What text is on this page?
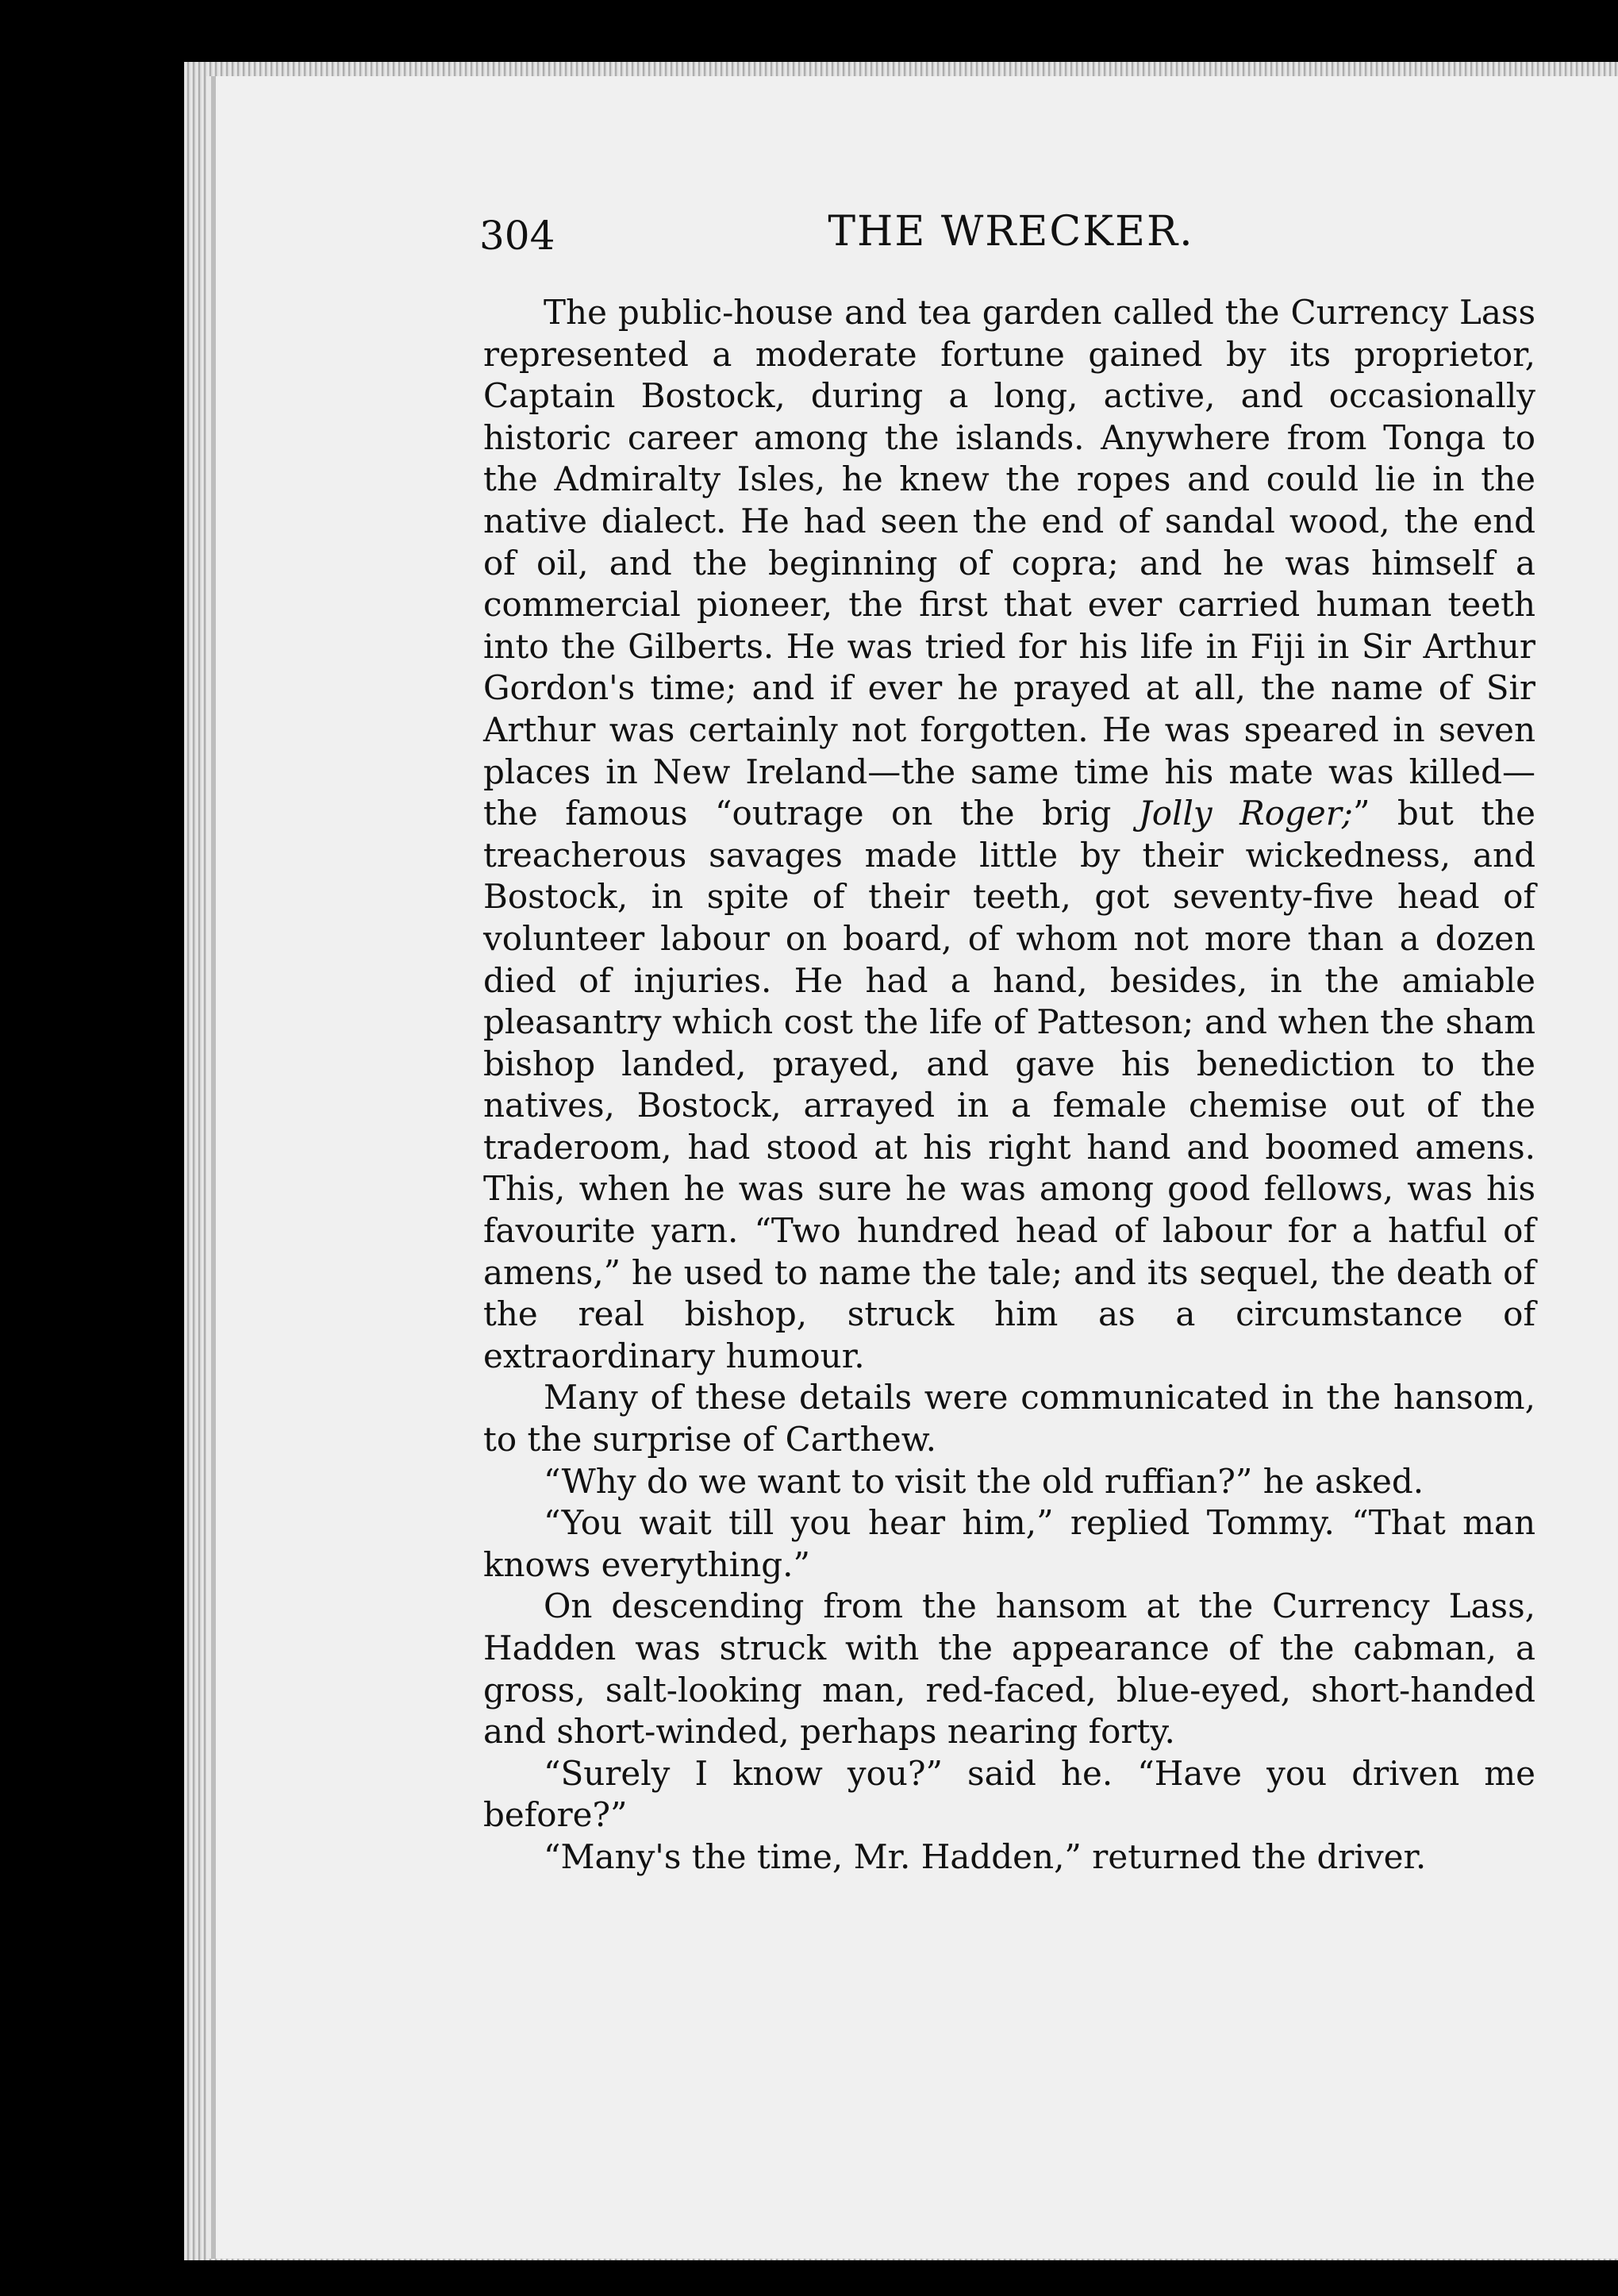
304	THE WRECKER.

The public-house and tea garden called the Currency Lass represented a moderate fortune gained by its proprietor, Captain Bostock, during a long, active, and occasionally historic career among the islands. Anywhere from Tonga to the Admiralty Isles, he knew the ropes and could lie in the native dialect. He had seen the end of sandal wood, the end of oil, and the beginning of copra; and he was himself a commercial pioneer, the first that ever carried human teeth into the Gilberts. He was tried for his life in Fiji in Sir Arthur Gordon's time; and if ever he prayed at all, the name of Sir Arthur was certainly not forgotten. He was speared in seven places in New Ireland—the same time his mate was killed—the famous “outrage on the brig Jolly Roger;” but the treacherous savages made little by their wickedness, and Bostock, in spite of their teeth, got seventy-five head of volunteer labour on board, of whom not more than a dozen died of injuries. He had a hand, besides, in the amiable pleasantry which cost the life of Patteson; and when the sham bishop landed, prayed, and gave his benediction to the natives, Bostock, arrayed in a female chemise out of the traderoom, had stood at his right hand and boomed amens. This, when he was sure he was among good fellows, was his favourite yarn. “Two hundred head of labour for a hatful of amens,” he used to name the tale; and its sequel, the death of the real bishop, struck him as a circumstance of extraordinary humour.

Many of these details were communicated in the hansom, to the surprise of Carthew.

“Why do we want to visit the old ruffian?” he asked.

“You wait till you hear him,” replied Tommy. “That man knows everything.”

On descending from the hansom at the Currency Lass, Hadden was struck with the appearance of the cabman, a gross, salt-looking man, red-faced, blue-eyed, short-handed and short-winded, perhaps nearing forty.

“Surely I know you?” said he. “Have you driven me before?”

“Many's the time, Mr. Hadden,” returned the driver.
